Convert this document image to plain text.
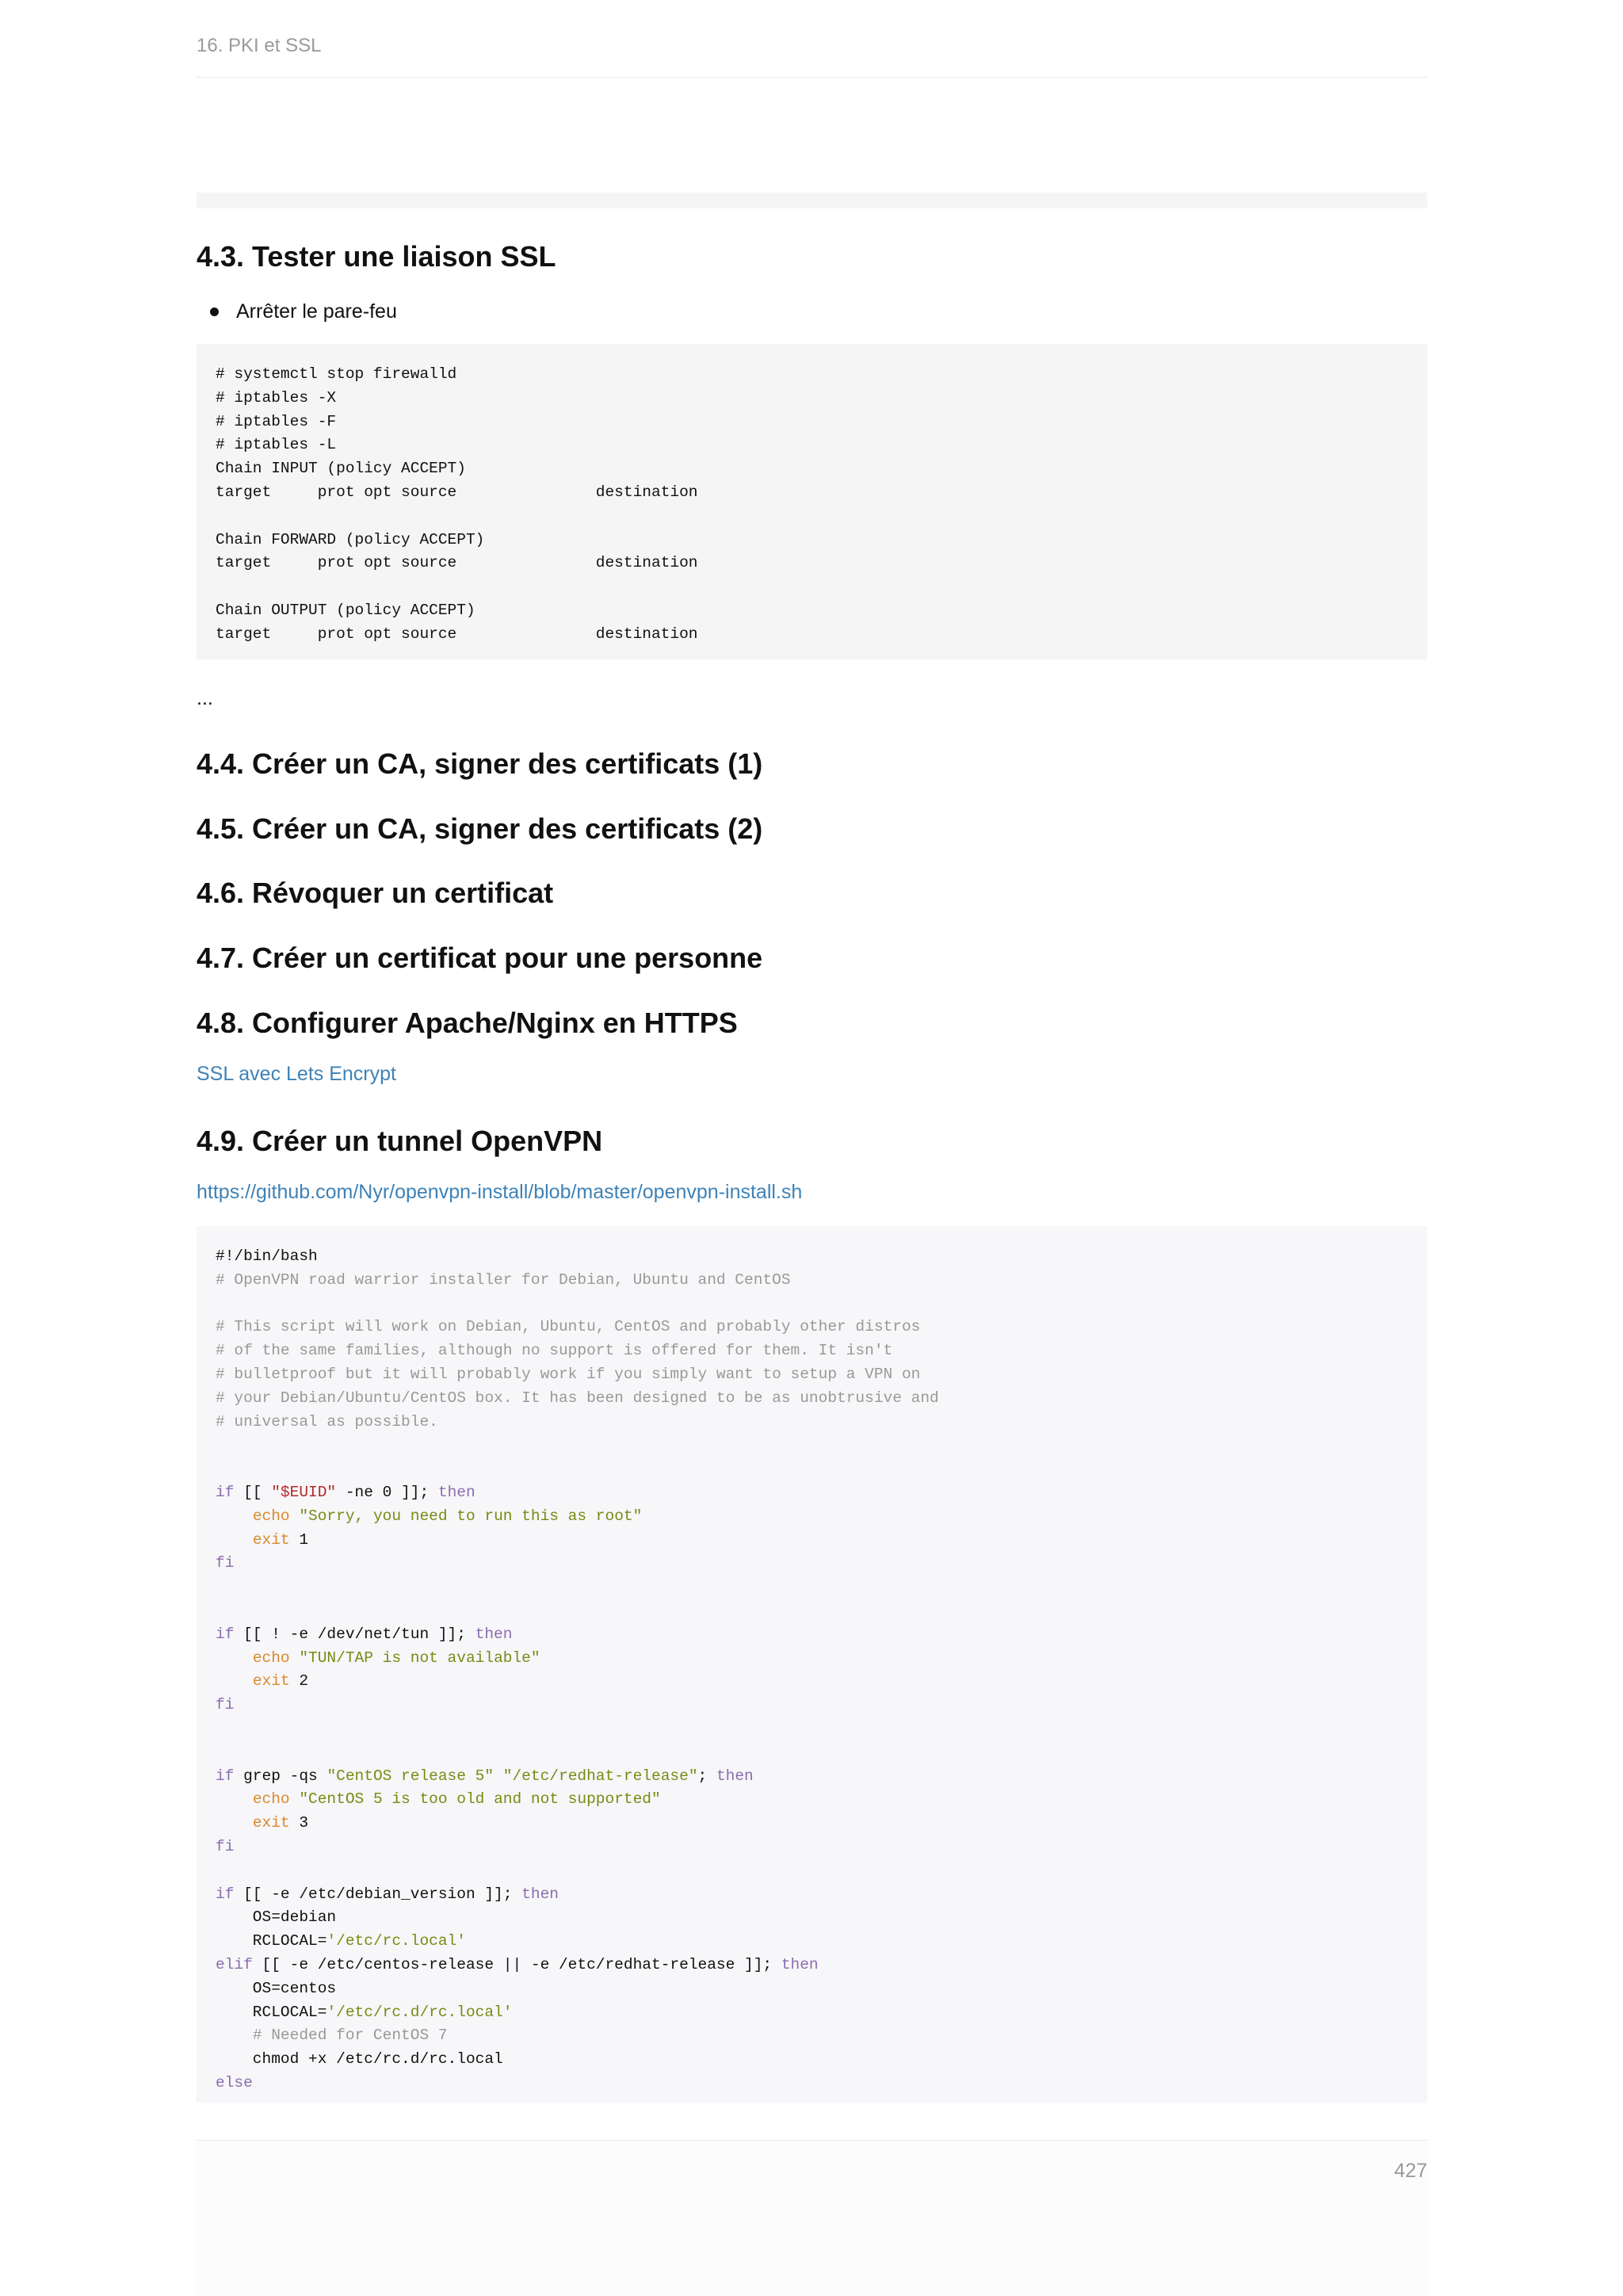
16. PKI et SSL
4.3. Tester une liaison SSL
Arrêter le pare-feu
# systemctl stop firewalld
# iptables -X
# iptables -F
# iptables -L
Chain INPUT (policy ACCEPT)
target     prot opt source               destination
Chain FORWARD (policy ACCEPT)
target     prot opt source               destination
Chain OUTPUT (policy ACCEPT)
target     prot opt source               destination
...
4.4. Créer un CA, signer des certificats (1)
4.5. Créer un CA, signer des certificats (2)
4.6. Révoquer un certificat
4.7. Créer un certificat pour une personne
4.8. Configurer Apache/Nginx en HTTPS
SSL avec Lets Encrypt
4.9. Créer un tunnel OpenVPN
https://github.com/Nyr/openvpn-install/blob/master/openvpn-install.sh
#!/bin/bash
# OpenVPN road warrior installer for Debian, Ubuntu and CentOS
# This script will work on Debian, Ubuntu, CentOS and probably other distros
# of the same families, although no support is offered for them. It isn't
# bulletproof but it will probably work if you simply want to setup a VPN on
# your Debian/Ubuntu/CentOS box. It has been designed to be as unobtrusive and
# universal as possible.
if [[ "$EUID" -ne 0 ]]; then
echo "Sorry, you need to run this as root"
exit 1
fi
if [[ ! -e /dev/net/tun ]]; then
echo "TUN/TAP is not available"
exit 2
fi
if grep -qs "CentOS release 5" "/etc/redhat-release"; then
echo "CentOS 5 is too old and not supported"
exit 3
fi
if [[ -e /etc/debian_version ]]; then
OS=debian
RCLOCAL='/etc/rc.local'
elif [[ -e /etc/centos-release || -e /etc/redhat-release ]]; then
OS=centos
RCLOCAL='/etc/rc.d/rc.local'
# Needed for CentOS 7
chmod +x /etc/rc.d/rc.local
else
427
